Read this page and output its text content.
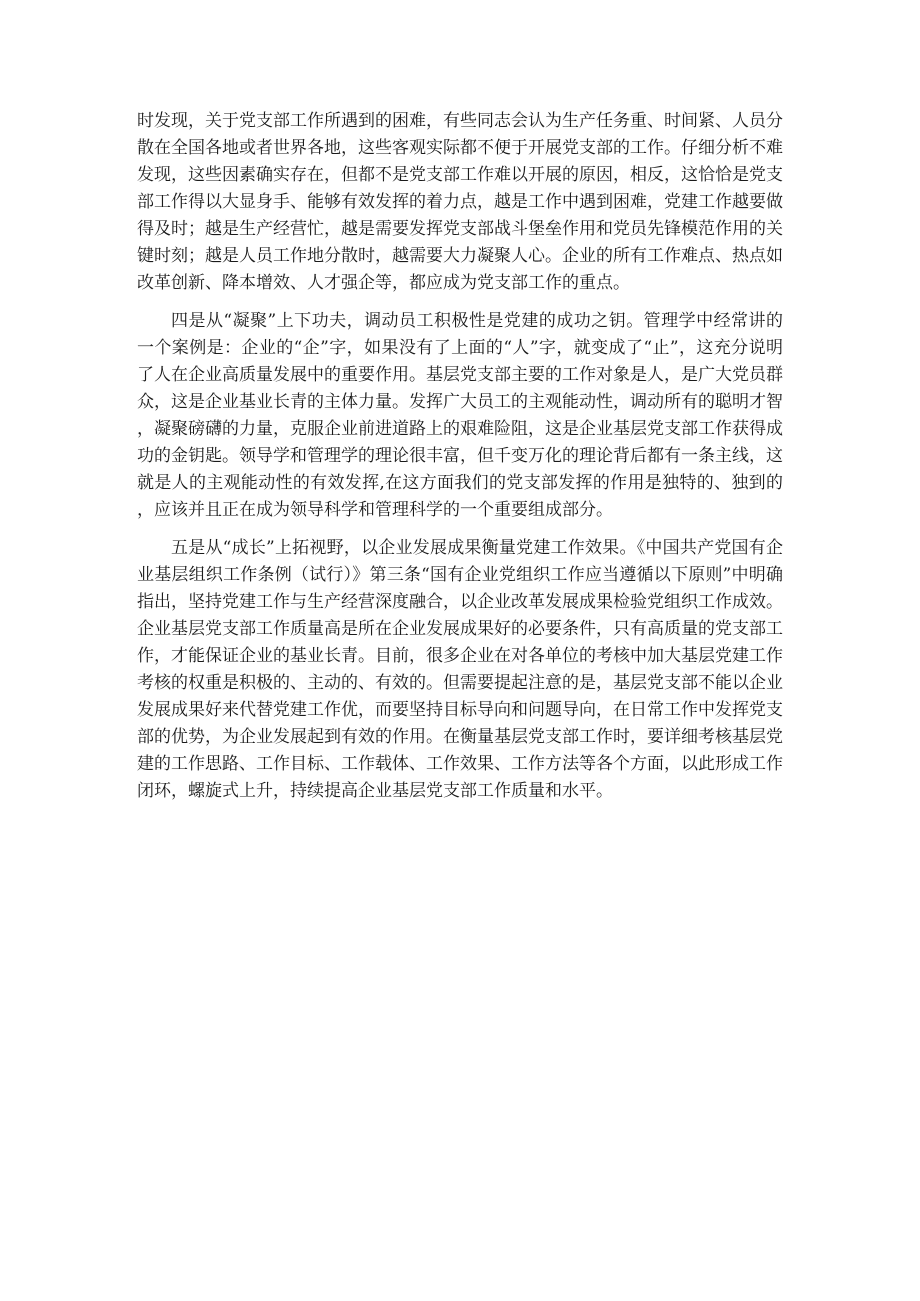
时发现，关于党支部工作所遇到的困难，有些同志会认为生产任务重、时间紧、人员分散在全国各地或者世界各地，这些客观实际都不便于开展党支部的工作。仔细分析不难发现，这些因素确实存在，但都不是党支部工作难以开展的原因，相反，这恰恰是党支部工作得以大显身手、能够有效发挥的着力点，越是工作中遇到困难，党建工作越要做得及时；越是生产经营忙，越是需要发挥党支部战斗堡垒作用和党员先锋模范作用的关键时刻；越是人员工作地分散时，越需要大力凝聚人心。企业的所有工作难点、热点如改革创新、降本增效、人才强企等，都应成为党支部工作的重点。

四是从“凝聚”上下功夫，调动员工积极性是党建的成功之钥。管理学中经常讲的一个案例是：企业的“企”字，如果没有了上面的“人”字，就变成了“止”，这充分说明了人在企业高质量发展中的重要作用。基层党支部主要的工作对象是人，是广大党员群众，这是企业基业长青的主体力量。发挥广大员工的主观能动性，调动所有的聪明才智，凝聚磅礴的力量，克服企业前进道路上的艰难险阻，这是企业基层党支部工作获得成功的金钥匙。领导学和管理学的理论很丰富，但千变万化的理论背后都有一条主线，这就是人的主观能动性的有效发挥,在这方面我们的党支部发挥的作用是独特的、独到的，应该并且正在成为领导科学和管理科学的一个重要组成部分。

五是从“成长”上拓视野，以企业发展成果衡量党建工作效果。《中国共产党国有企业基层组织工作条例（试行）》第三条“国有企业党组织工作应当遵循以下原则”中明确指出，坚持党建工作与生产经营深度融合，以企业改革发展成果检验党组织工作成效。企业基层党支部工作质量高是所在企业发展成果好的必要条件，只有高质量的党支部工作，才能保证企业的基业长青。目前，很多企业在对各单位的考核中加大基层党建工作考核的权重是积极的、主动的、有效的。但需要提起注意的是，基层党支部不能以企业发展成果好来代替党建工作优，而要坚持目标导向和问题导向，在日常工作中发挥党支部的优势，为企业发展起到有效的作用。在衡量基层党支部工作时，要详细考核基层党建的工作思路、工作目标、工作载体、工作效果、工作方法等各个方面，以此形成工作闭环，螺旋式上升，持续提高企业基层党支部工作质量和水平。
